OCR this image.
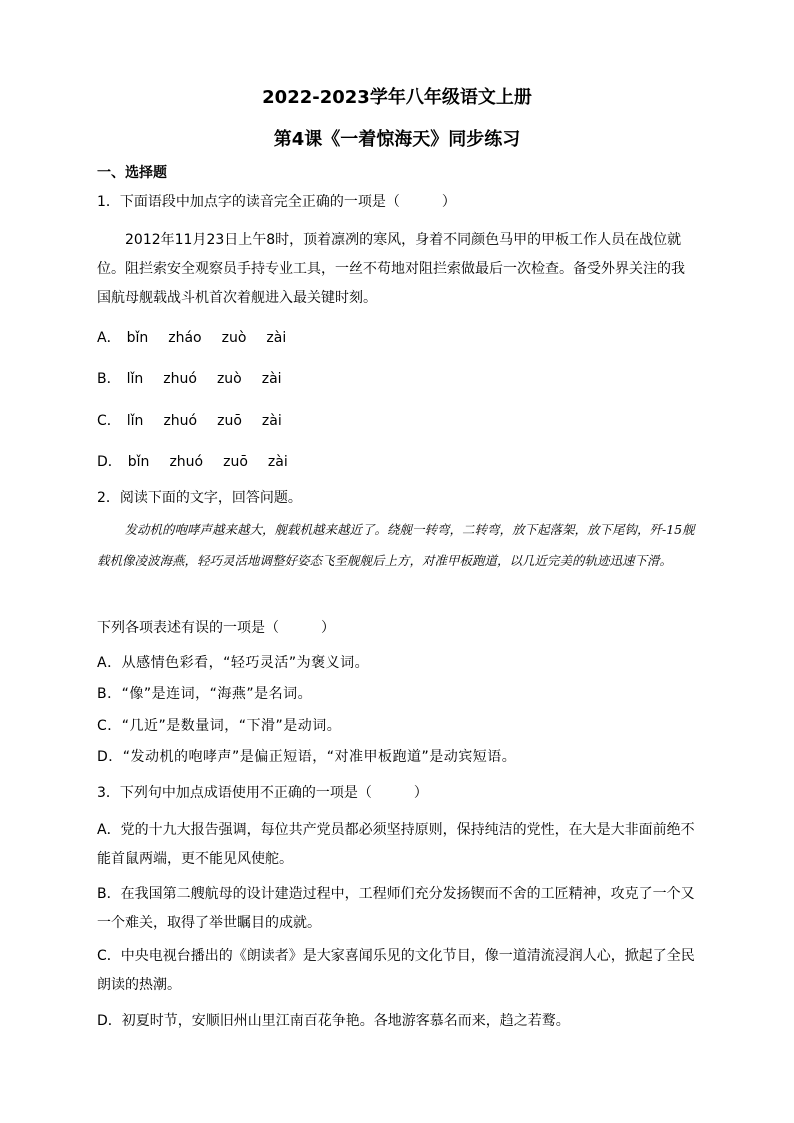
2022-2023学年八年级语文上册
第4课《一着惊海天》同步练习
一、选择题
1．下面语段中加点字的读音完全正确的一项是（　　　）

2012年11月23日上午8时，顶着凛冽的寒风，身着不同颜色马甲的甲板工作人员在战位就位。阻拦索安全观察员手持专业工具，一丝不苟地对阻拦索做最后一次检查。备受外界关注的我国航母舰载战斗机首次着舰进入最关键时刻。

A． bǐn zháo zuò zài
B． lǐn zhuó zuò zài
C． lǐn zhuó zuō zài
D． bǐn zhuó zuō zài
2．阅读下面的文字，回答问题。
发动机的咆哮声越来越大，舰载机越来越近了。绕舰一转弯，二转弯，放下起落架，放下尾钩，歼-15舰载机像凌波海燕，轻巧灵活地调整好姿态飞至舰舰后上方，对准甲板跑道，以几近完美的轨迹迅速下滑。
下列各项表述有误的一项是（　　　）
A．从感情色彩看，“轻巧灵活”为褒义词。
B．“像”是连词，“海燕”是名词。
C．“几近”是数量词，“下滑”是动词。
D．“发动机的咆哮声”是偏正短语，“对准甲板跑道”是动宾短语。
3．下列句中加点成语使用不正确的一项是（　　　）
A．党的十九大报告强调，每位共产党员都必须坚持原则，保持纯洁的党性，在大是大非面前绝不能首鼠两端，更不能见风使舵。
B．在我国第二艘航母的设计建造过程中，工程师们充分发扬锲而不舍的工匠精神，攻克了一个又一个难关，取得了举世瞩目的成就。
C．中央电视台播出的《朗读者》是大家喜闻乐见的文化节目，像一道清流浸润人心，掀起了全民朗读的热潮。
D．初夏时节，安顺旧州山里江南百花争艳。各地游客慕名而来，趋之若鹜。
